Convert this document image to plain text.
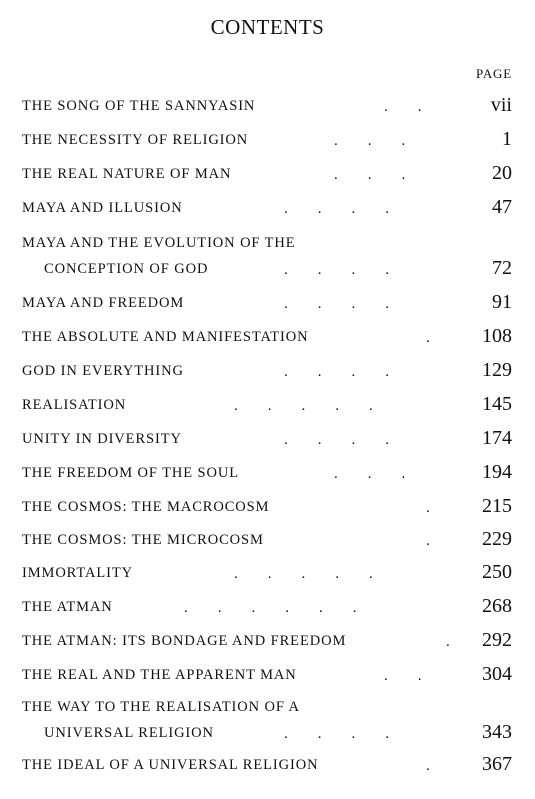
CONTENTS
PAGE
THE SONG OF THE SANNYASIN	.        .	vii
THE NECESSITY OF RELIGION	.        .        .	1
THE REAL NATURE OF MAN	.        .        .	20
MAYA AND ILLUSION	.        .        .        .	47
MAYA AND THE EVOLUTION OF THE
CONCEPTION OF GOD	.        .        .        .	72
MAYA AND FREEDOM	.        .        .        .	91
THE ABSOLUTE AND MANIFESTATION	.	108
GOD IN EVERYTHING	.        .        .        .	129
REALISATION	.        .        .        .        .	145
UNITY IN DIVERSITY	.        .        .        .	174
THE FREEDOM OF THE SOUL	.        .        .	194
THE COSMOS: THE MACROCOSM	.	215
THE COSMOS: THE MICROCOSM	.	229
IMMORTALITY	.        .        .        .        .	250
THE ATMAN	.        .        .        .        .        .	268
THE ATMAN: ITS BONDAGE AND FREEDOM	. 292
THE REAL AND THE APPARENT MAN	.        .	304
THE WAY TO THE REALISATION OF A
UNIVERSAL RELIGION	.        .        .        .	343
THE IDEAL OF A UNIVERSAL RELIGION	.	367
